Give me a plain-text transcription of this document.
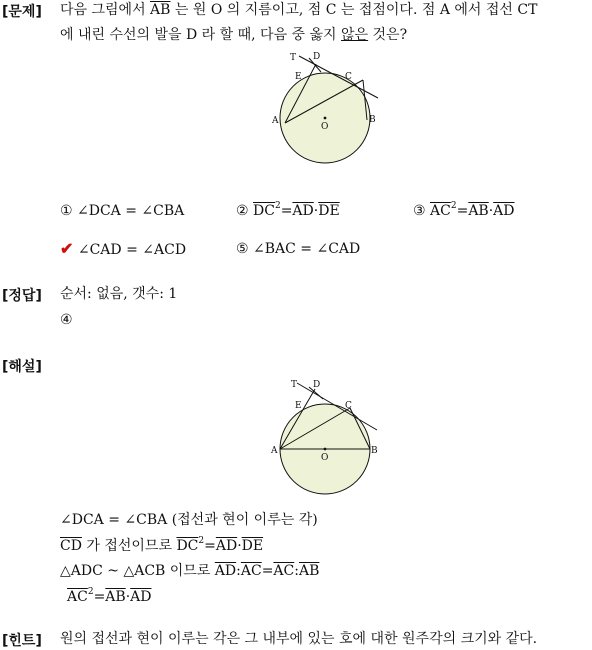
[문제] 다음 그림에서 $\overline{AB}$ 는 원 O 의 지름이고, 점 C 는 접점이다. 점 A 에서 접선 CT
에 내린 수선의 발을 D 라 할 때, 다음 중 옳지 않은 것은?
T D
E	C
A
O
B
① ∠DCA = ∠CBA	② $\overline{DC}^2=\overline{AD}\cdot\overline{DE}$	③ $\overline{AC}^2=\overline{AB}\cdot\overline{AD}$
✔ ∠CAD = ∠ACD	⑤ ∠BAC = ∠CAD
[정답] 순서: 없음, 갯수: 1
④
[해설]
T D
E	C
A
O
B
∠DCA = ∠CBA (접선과 현이 이루는 각)
$\overline{CD}$ 가 접선이므로 $\overline{DC}^2=\overline{AD}\cdot\overline{DE}$
△ADC ~ △ACB 이므로 $\overline{AD}:\overline{AC}=\overline{AC}:\overline{AB}$
$\overline{AC}^2=\overline{AB}\cdot\overline{AD}$
[힌트] 원의 접선과 현이 이루는 각은 그 내부에 있는 호에 대한 원주각의 크기와 같다.
